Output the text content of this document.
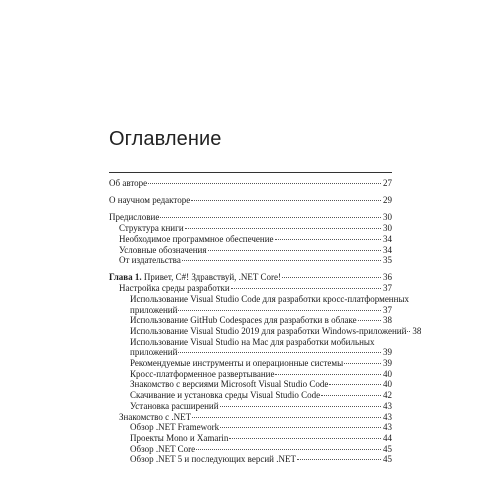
Оглавление
Об авторе	27
О научном редакторе	29
Предисловие	30
Структура книги	30
Необходимое программное обеспечение	34
Условные обозначения	34
От издательства	35
Глава 1. Привет, C#! Здравствуй, .NET Core!	36
Настройка среды разработки	37
Использование Visual Studio Code для разработки кросс-платформенных
приложений	37
Использование GitHub Codespaces для разработки в облаке	38
Использование Visual Studio 2019 для разработки Windows-приложений 38
Использование Visual Studio на Mac для разработки мобильных
приложений	39
Рекомендуемые инструменты и операционные системы	39
Кросс-платформенное развертывание	40
Знакомство с версиями Microsoft Visual Studio Code	40
Скачивание и установка среды Visual Studio Code	42
Установка расширений	43
Знакомство с .NET	43
Обзор .NET Framework	43
Проекты Mono и Xamarin	44
Обзор .NET Core	45
Обзор .NET 5 и последующих версий .NET	45
